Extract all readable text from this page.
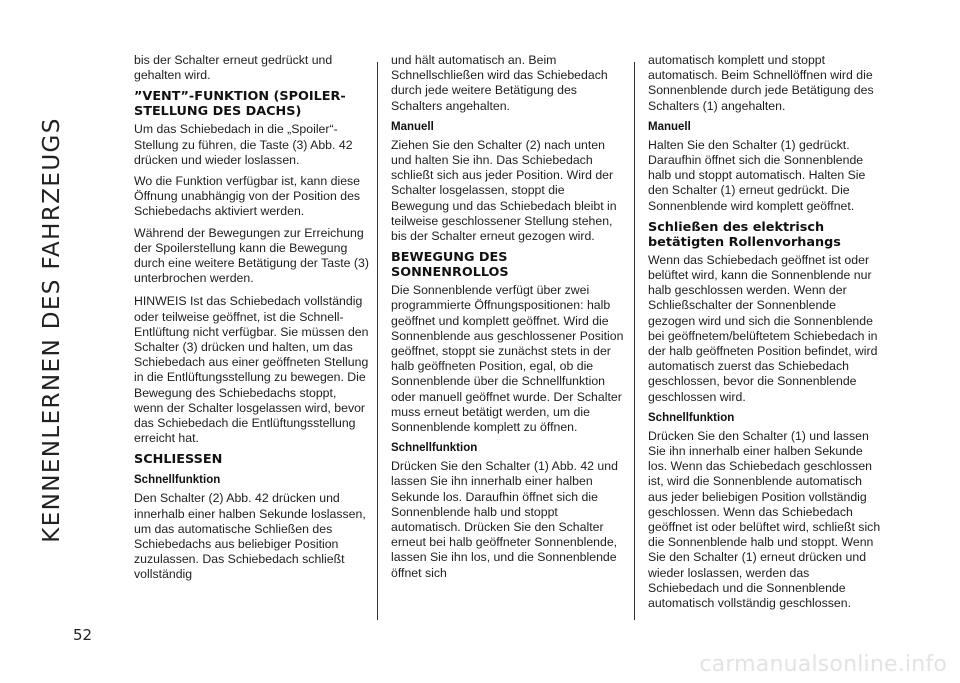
KENNENLERNEN DES FAHRZEUGS
52

bis der Schalter erneut gedrückt und gehalten wird.

”VENT”-FUNKTION (SPOILER-STELLUNG DES DACHS)

Um das Schiebedach in die „Spoiler“-Stellung zu führen, die Taste (3) Abb. 42 drücken und wieder loslassen.

Wo die Funktion verfügbar ist, kann diese Öffnung unabhängig von der Position des Schiebedachs aktiviert werden.

Während der Bewegungen zur Erreichung der Spoilerstellung kann die Bewegung durch eine weitere Betätigung der Taste (3) unterbrochen werden.

HINWEIS Ist das Schiebedach vollständig oder teilweise geöffnet, ist die Schnell-Entlüftung nicht verfügbar. Sie müssen den Schalter (3) drücken und halten, um das Schiebedach aus einer geöffneten Stellung in die Entlüftungsstellung zu bewegen. Die Bewegung des Schiebedachs stoppt, wenn der Schalter losgelassen wird, bevor das Schiebedach die Entlüftungsstellung erreicht hat.

SCHLIESSEN
Schnellfunktion

Den Schalter (2) Abb. 42 drücken und innerhalb einer halben Sekunde loslassen, um das automatische Schließen des Schiebedachs aus beliebiger Position zuzulassen. Das Schiebedach schließt vollständig

und hält automatisch an. Beim Schnellschließen wird das Schiebedach durch jede weitere Betätigung des Schalters angehalten.

Manuell

Ziehen Sie den Schalter (2) nach unten und halten Sie ihn. Das Schiebedach schließt sich aus jeder Position. Wird der Schalter losgelassen, stoppt die Bewegung und das Schiebedach bleibt in teilweise geschlossener Stellung stehen, bis der Schalter erneut gezogen wird.

BEWEGUNG DES SONNENROLLOS

Die Sonnenblende verfügt über zwei programmierte Öffnungspositionen: halb geöffnet und komplett geöffnet. Wird die Sonnenblende aus geschlossener Position geöffnet, stoppt sie zunächst stets in der halb geöffneten Position, egal, ob die Sonnenblende über die Schnellfunktion oder manuell geöffnet wurde. Der Schalter muss erneut betätigt werden, um die Sonnenblende komplett zu öffnen.

Schnellfunktion

Drücken Sie den Schalter (1) Abb. 42 und lassen Sie ihn innerhalb einer halben Sekunde los. Daraufhin öffnet sich die Sonnenblende halb und stoppt automatisch. Drücken Sie den Schalter erneut bei halb geöffneter Sonnenblende, lassen Sie ihn los, und die Sonnenblende öffnet sich

automatisch komplett und stoppt automatisch. Beim Schnellöffnen wird die Sonnenblende durch jede Betätigung des Schalters (1) angehalten.

Manuell

Halten Sie den Schalter (1) gedrückt. Daraufhin öffnet sich die Sonnenblende halb und stoppt automatisch. Halten Sie den Schalter (1) erneut gedrückt. Die Sonnenblende wird komplett geöffnet.

Schließen des elektrisch betätigten Rollenvorhangs

Wenn das Schiebedach geöffnet ist oder belüftet wird, kann die Sonnenblende nur halb geschlossen werden. Wenn der Schließschalter der Sonnenblende gezogen wird und sich die Sonnenblende bei geöffnetem/belüftetem Schiebedach in der halb geöffneten Position befindet, wird automatisch zuerst das Schiebedach geschlossen, bevor die Sonnenblende geschlossen wird.

Schnellfunktion

Drücken Sie den Schalter (1) und lassen Sie ihn innerhalb einer halben Sekunde los. Wenn das Schiebedach geschlossen ist, wird die Sonnenblende automatisch aus jeder beliebigen Position vollständig geschlossen. Wenn das Schiebedach geöffnet ist oder belüftet wird, schließt sich die Sonnenblende halb und stoppt. Wenn Sie den Schalter (1) erneut drücken und wieder loslassen, werden das Schiebedach und die Sonnenblende automatisch vollständig geschlossen.

carmanualsonline.info
